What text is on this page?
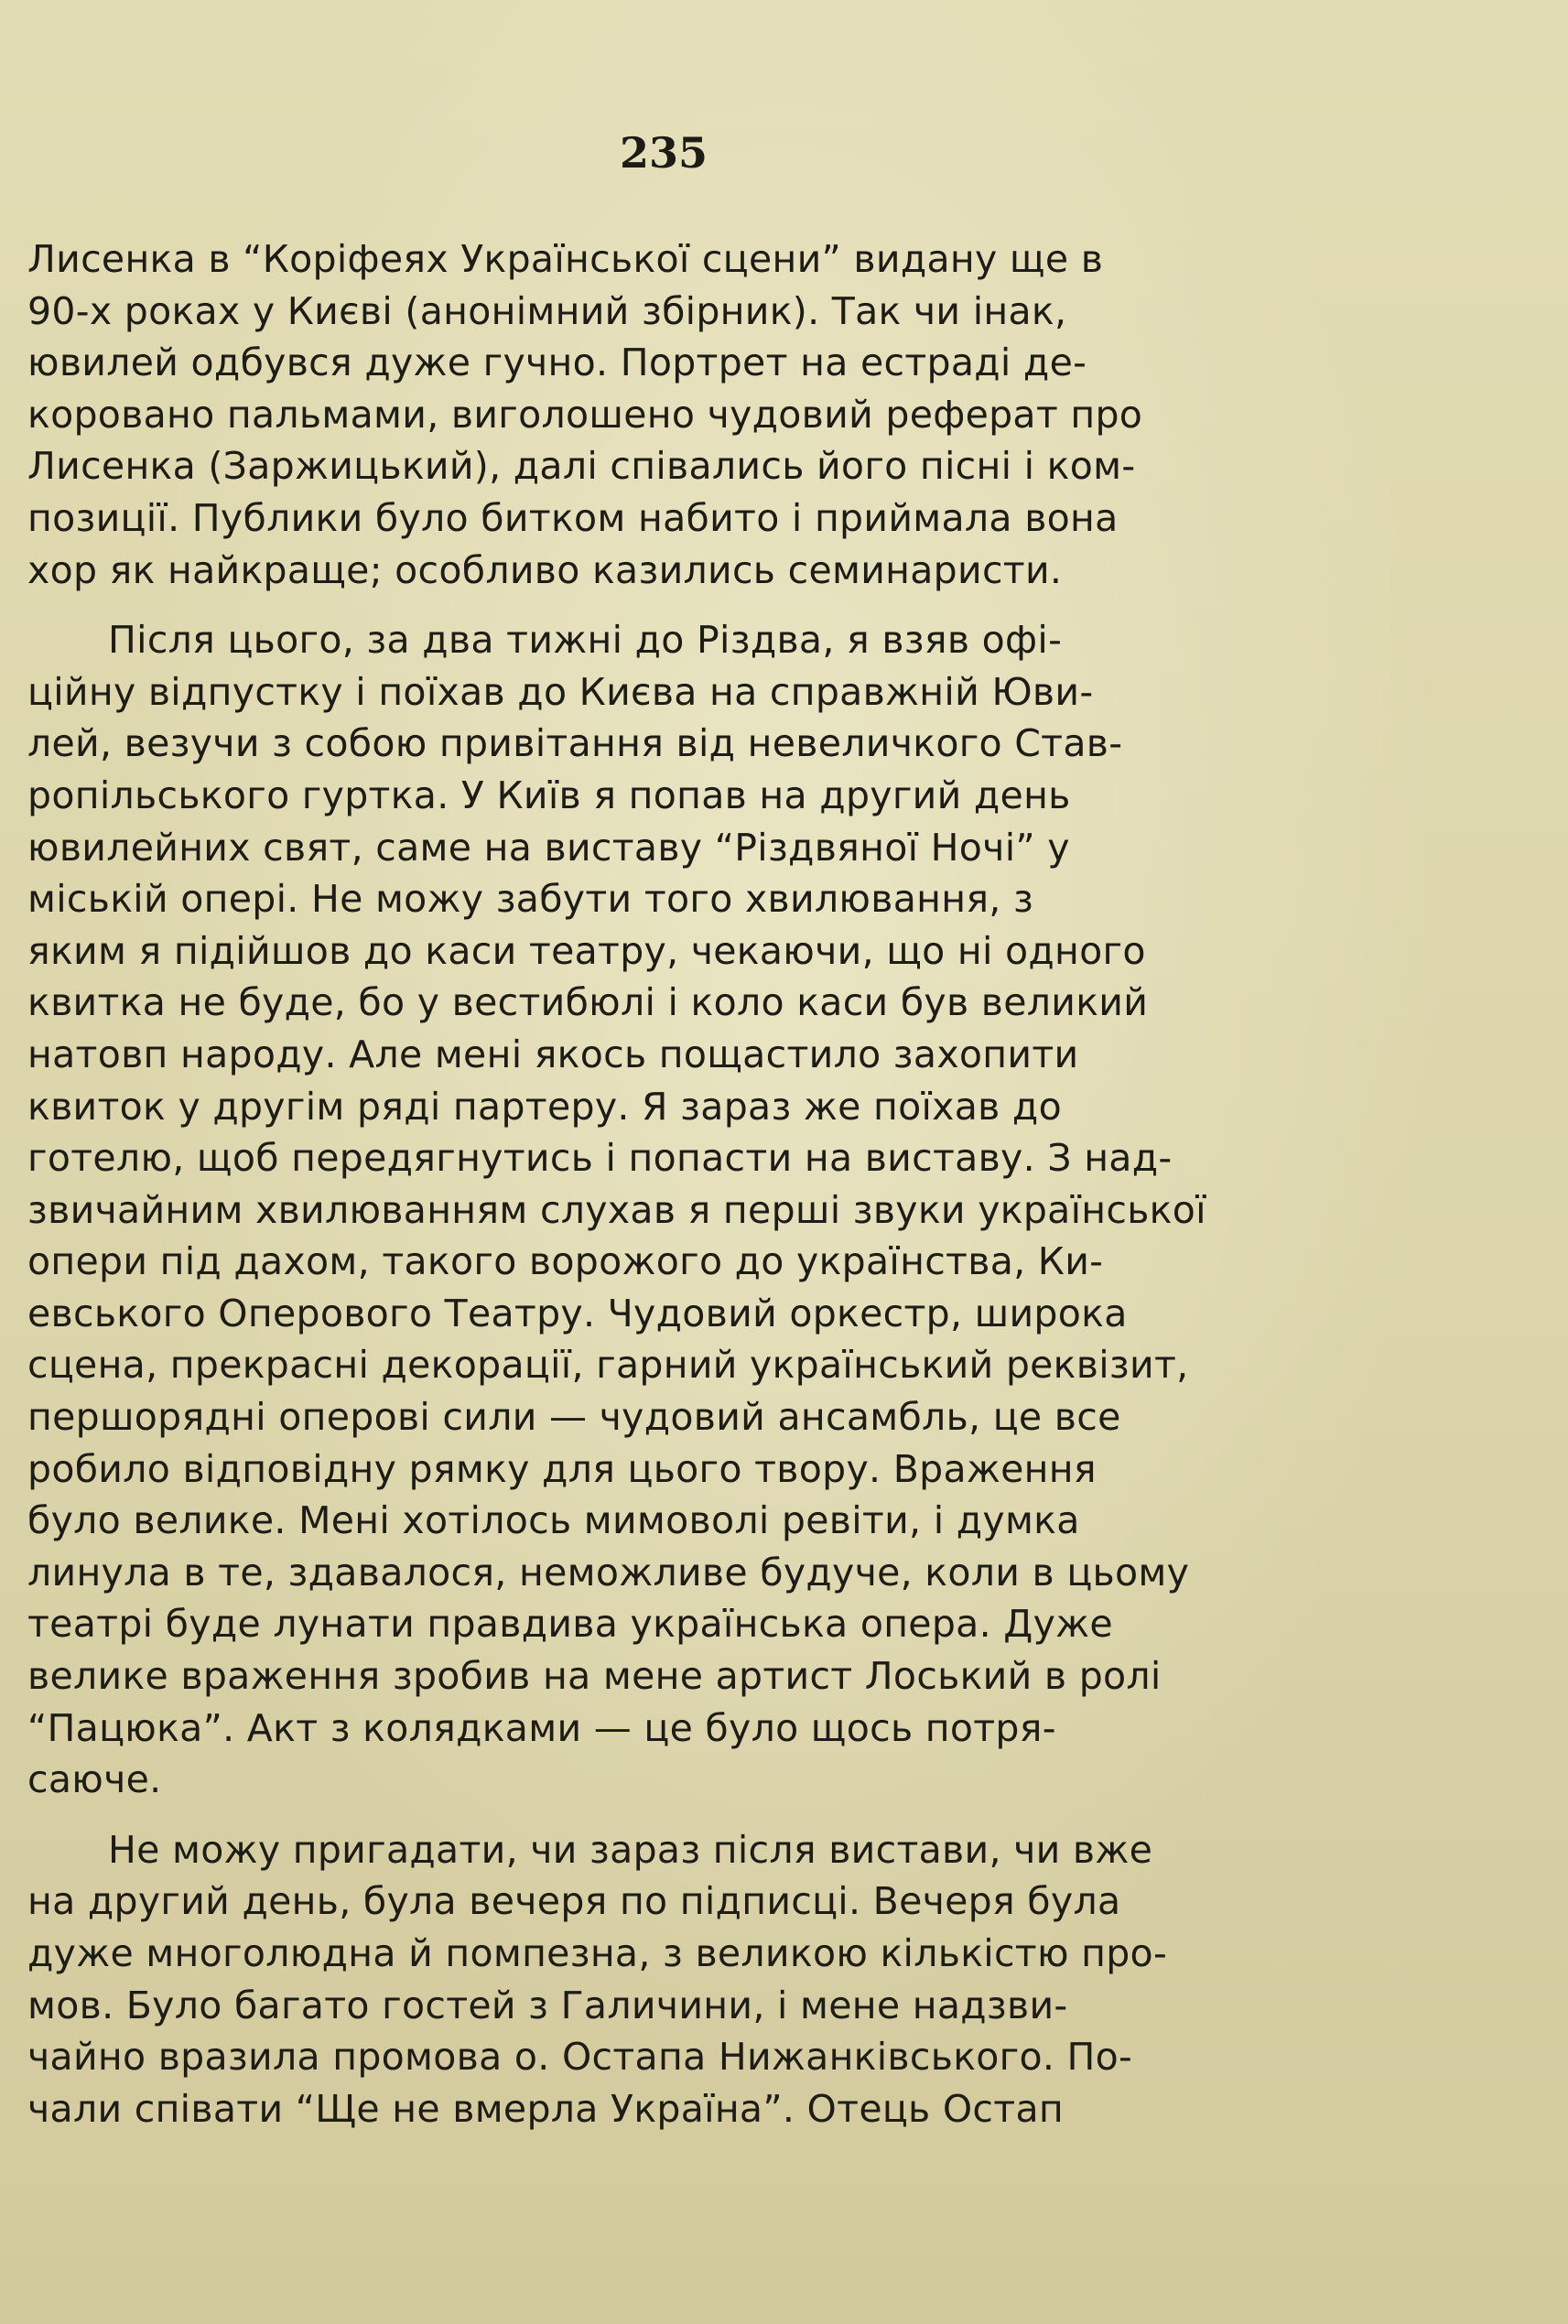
235

Лисенка в “Коріфеях Української сцени” видану ще в
90-х роках у Києві (анонімний збірник). Так чи інак,
ювилей одбувся дуже гучно. Портрет на естраді де-
коровано пальмами, виголошено чудовий реферат про
Лисенка (Заржицький), далі співались його пісні і ком-
позиції. Публики було битком набито і приймала вона
хор як найкраще; особливо казились семинаристи.

Після цього, за два тижні до Різдва, я взяв офі-
ційну відпустку і поїхав до Києва на справжній Юви-
лей, везучи з собою привітання від невеличкого Став-
ропільського гуртка. У Київ я попав на другий день
ювилейних свят, саме на виставу “Різдвяної Ночі” у
міській опері. Не можу забути того хвилювання, з
яким я підійшов до каси театру, чекаючи, що ні одного
квитка не буде, бо у вестибюлі і коло каси був великий
натовп народу. Але мені якось пощастило захопити
квиток у другім ряді партеру. Я зараз же поїхав до
готелю, щоб передягнутись і попасти на виставу. З над-
звичайним хвилюванням слухав я перші звуки української
опери під дахом, такого ворожого до українства, Ки-
евського Оперового Театру. Чудовий оркестр, широка
сцена, прекрасні декорації, гарний український реквізит,
першорядні оперові сили — чудовий ансамбль, це все
робило відповідну рямку для цього твору. Враження
було велике. Мені хотілось мимоволі ревіти, і думка
линула в те, здавалося, неможливе будуче, коли в цьому
театрі буде лунати правдива українська опера. Дуже
велике враження зробив на мене артист Лоський в ролі
“Пацюка”. Акт з колядками — це було щось потря-
саюче.

Не можу пригадати, чи зараз після вистави, чи вже
на другий день, була вечеря по підписці. Вечеря була
дуже многолюдна й помпезна, з великою кількістю про-
мов. Було багато гостей з Галичини, і мене надзви-
чайно вразила промова о. Остапа Нижанківського. По-
чали співати “Ще не вмерла Україна”. Отець Остап
